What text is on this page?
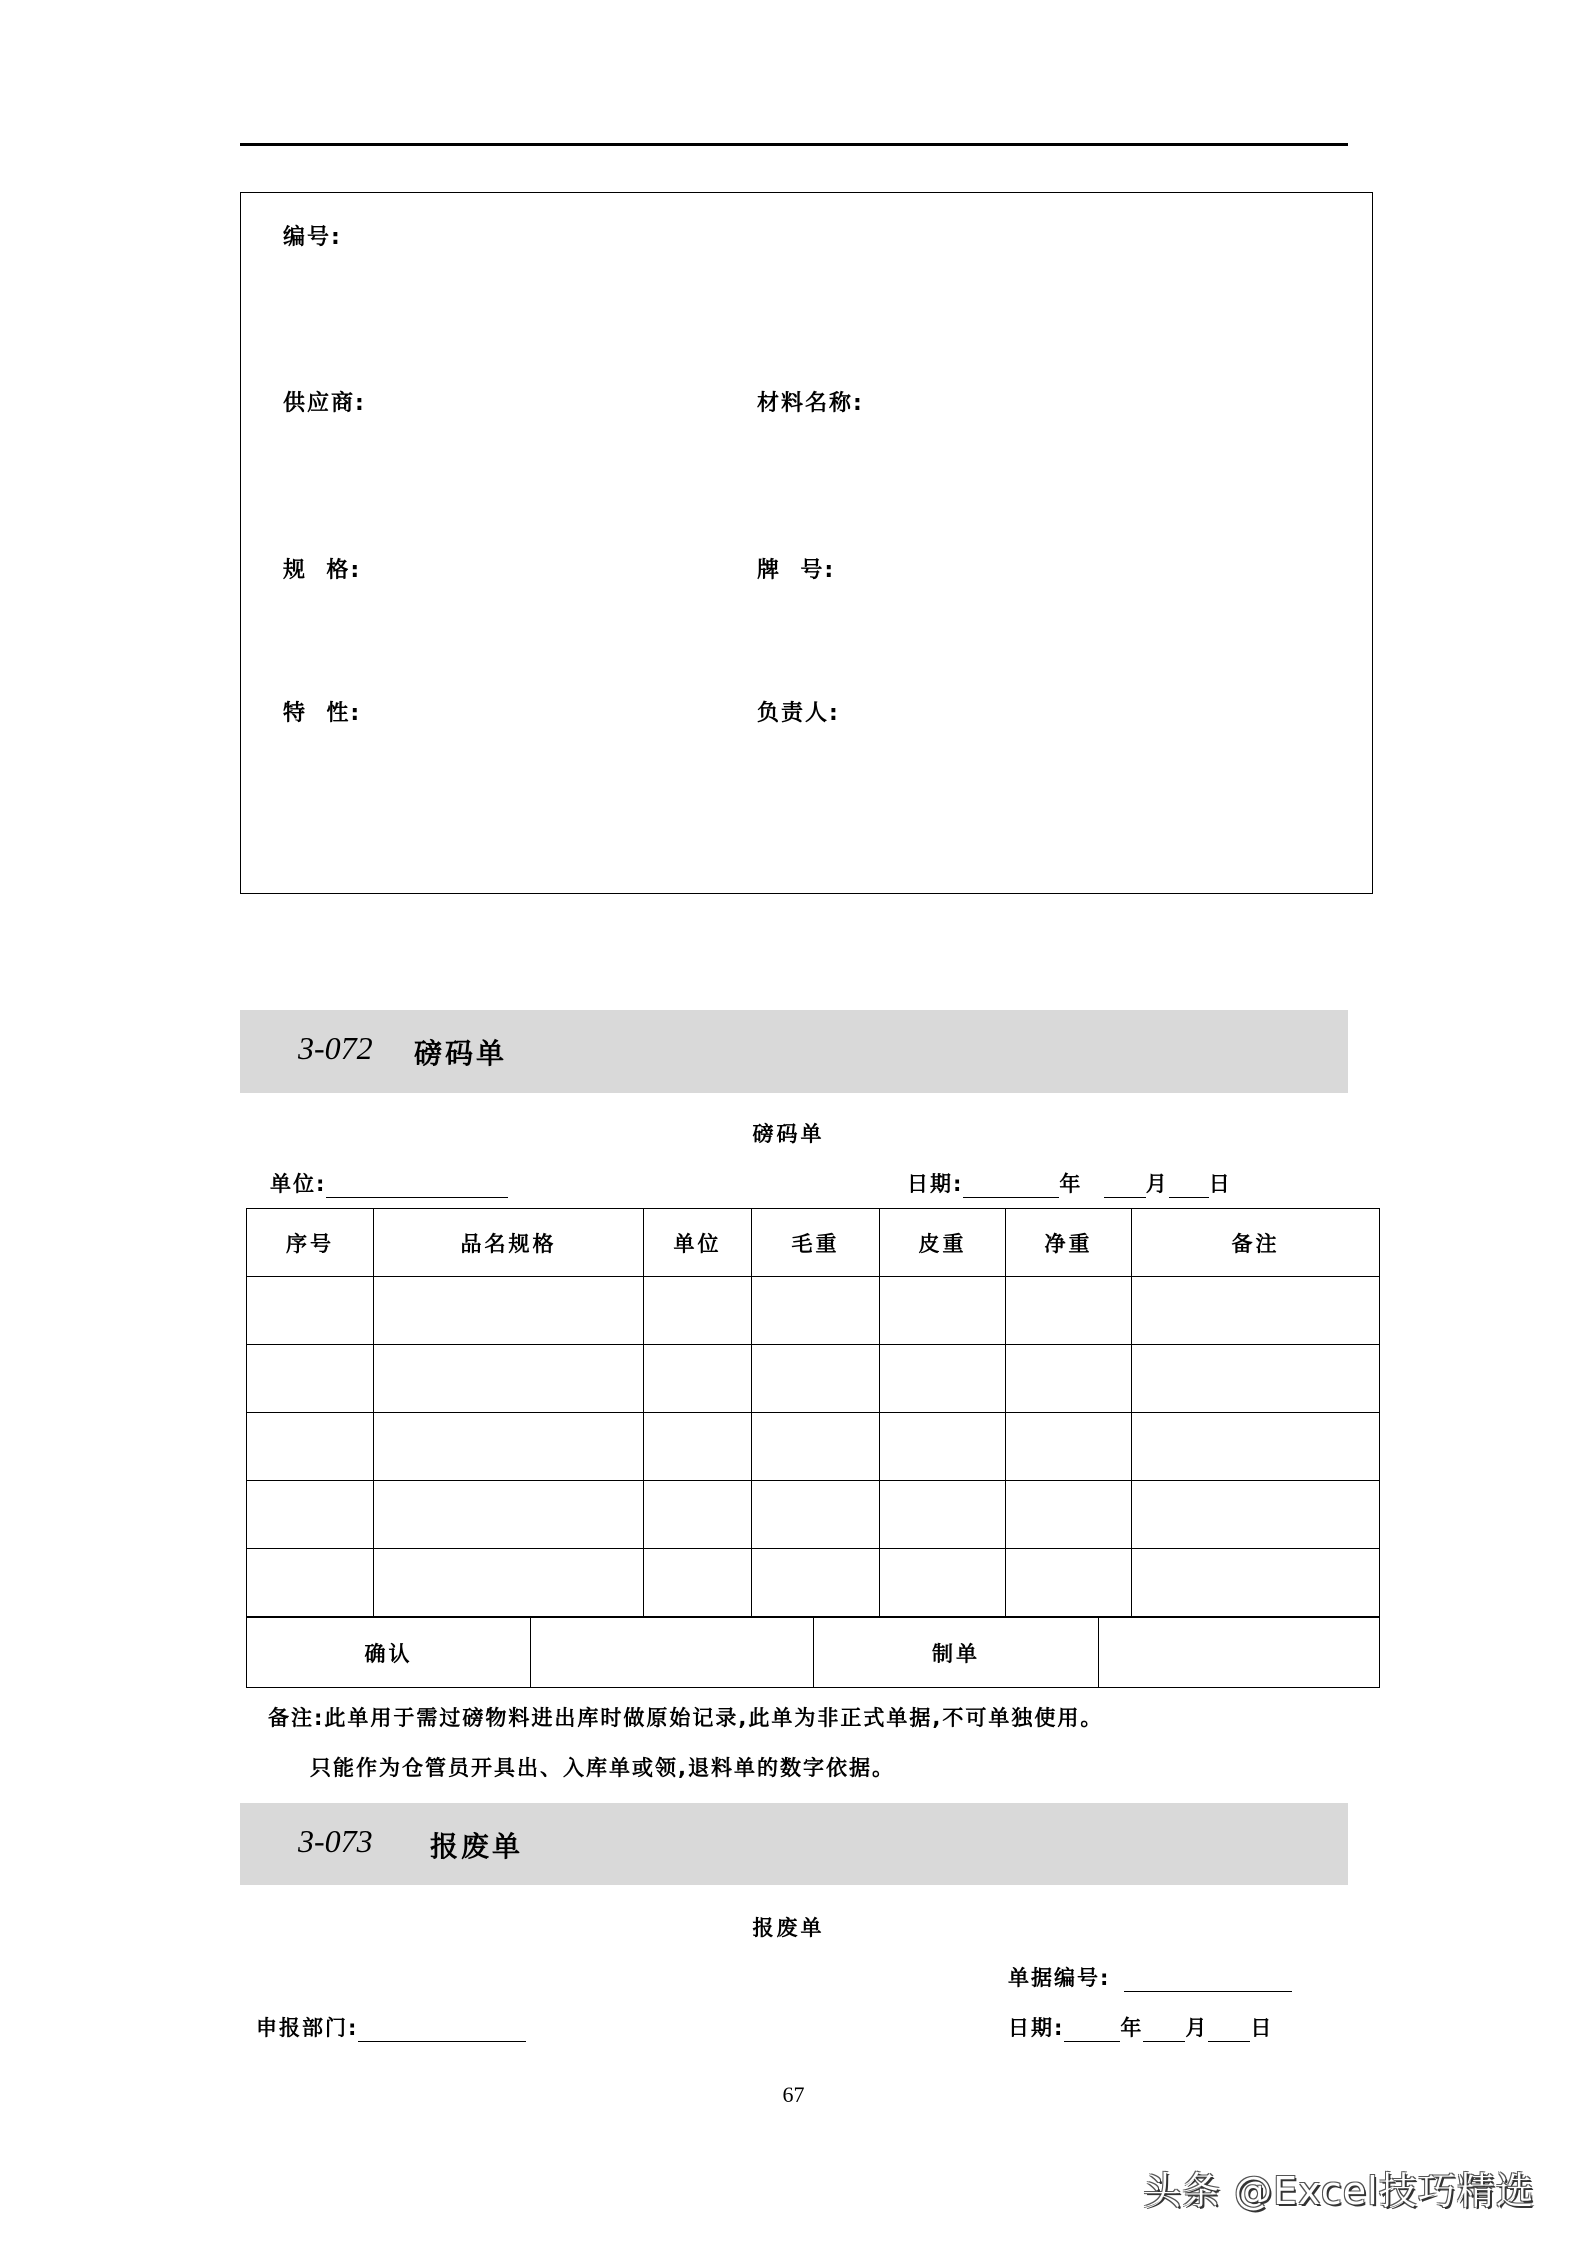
编号:
供应商:	材料名称:
规  格:	牌  号:
特  性:	负责人:
3-072 磅码单
磅码单
单位:	日期:	年	月 日
序号	品名规格	单位	毛重	皮重	净重	备注

确认		制单	
备注:此单用于需过磅物料进出库时做原始记录,此单为非正式单据,不可单独使用。
只能作为仓管员开具出、入库单或领,退料单的数字依据。
3-073 报废单
报废单
单据编号:
申报部门:	日期:	年 月 日
67
头条 @Excel技巧精选
